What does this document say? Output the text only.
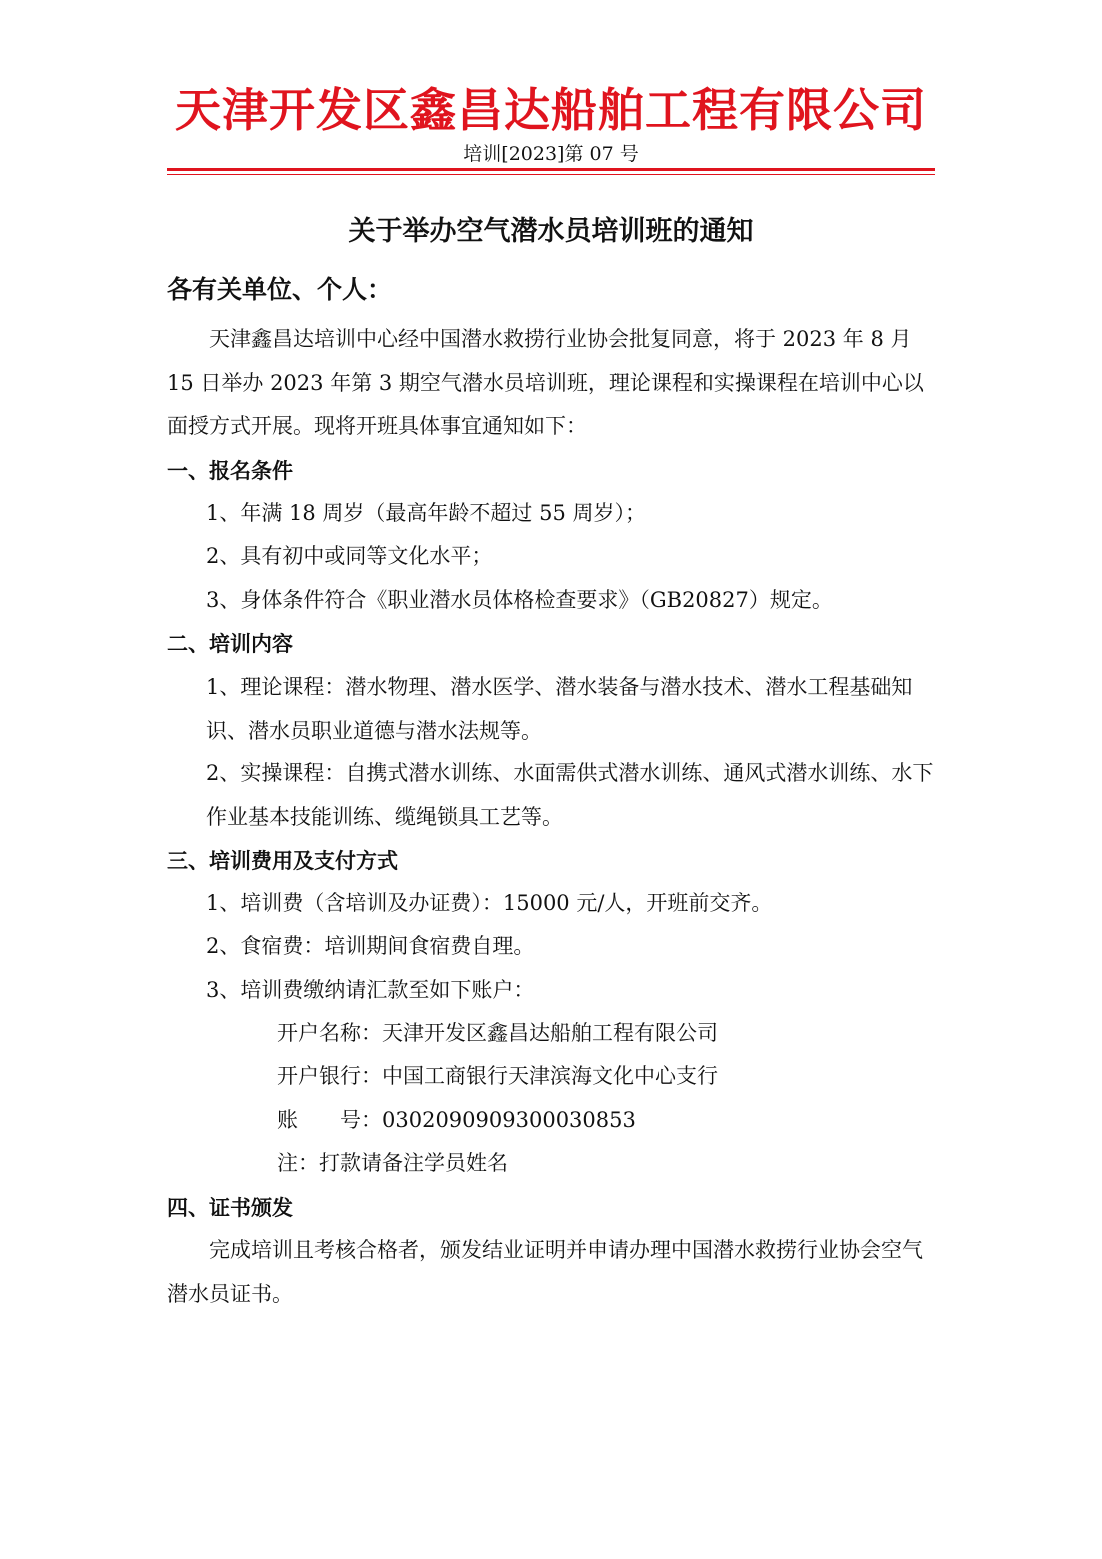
天津开发区鑫昌达船舶工程有限公司
培训[2023]第 07 号
关于举办空气潜水员培训班的通知
各有关单位、个人：
天津鑫昌达培训中心经中国潜水救捞行业协会批复同意，将于 2023 年 8 月 15 日举办 2023 年第 3 期空气潜水员培训班，理论课程和实操课程在培训中心以面授方式开展。现将开班具体事宜通知如下：
一、报名条件
1、年满 18 周岁（最高年龄不超过 55 周岁）；
2、具有初中或同等文化水平；
3、身体条件符合《职业潜水员体格检查要求》（GB20827）规定。
二、培训内容
1、理论课程：潜水物理、潜水医学、潜水装备与潜水技术、潜水工程基础知识、潜水员职业道德与潜水法规等。
2、实操课程：自携式潜水训练、水面需供式潜水训练、通风式潜水训练、水下作业基本技能训练、缆绳锁具工艺等。
三、培训费用及支付方式
1、培训费（含培训及办证费）：15000 元/人，开班前交齐。
2、食宿费：培训期间食宿费自理。
3、培训费缴纳请汇款至如下账户：
开户名称：天津开发区鑫昌达船舶工程有限公司
开户银行：中国工商银行天津滨海文化中心支行
账　　号：0302090909300030853
注：打款请备注学员姓名
四、证书颁发
完成培训且考核合格者，颁发结业证明并申请办理中国潜水救捞行业协会空气潜水员证书。
